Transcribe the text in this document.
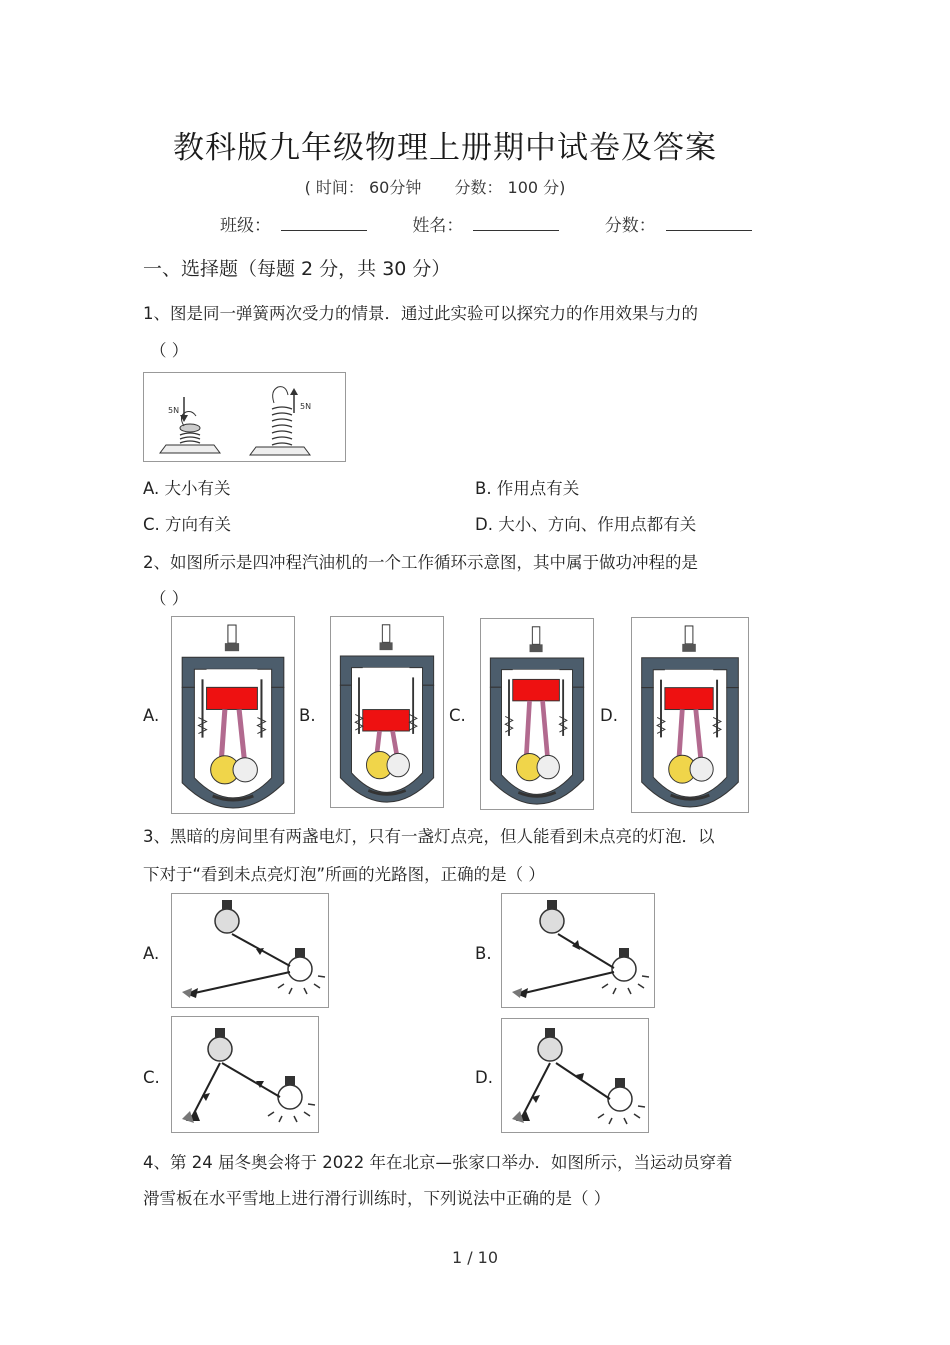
教科版九年级物理上册期中试卷及答案
( 时间： 60分钟 分数： 100 分)
班级：	姓名：	分数：
一、选择题（每题 2 分，共 30 分）
1、图是同一弹簧两次受力的情景．通过此实验可以探究力的作用效果与力的
（ ）
5N	5N
A. 大小有关	B. 作用点有关
C. 方向有关	D. 大小、方向、作用点都有关
2、如图所示是四冲程汽油机的一个工作循环示意图，其中属于做功冲程的是
（ ）
A.	B.	C.	D.
3、黑暗的房间里有两盏电灯，只有一盏灯点亮，但人能看到未点亮的灯泡．以
下对于“看到未点亮灯泡”所画的光路图，正确的是（ ）
A.	B.
C.	D.
4、第 24 届冬奥会将于 2022 年在北京—张家口举办．如图所示，当运动员穿着
滑雪板在水平雪地上进行滑行训练时，下列说法中正确的是（ ）
1 / 10
